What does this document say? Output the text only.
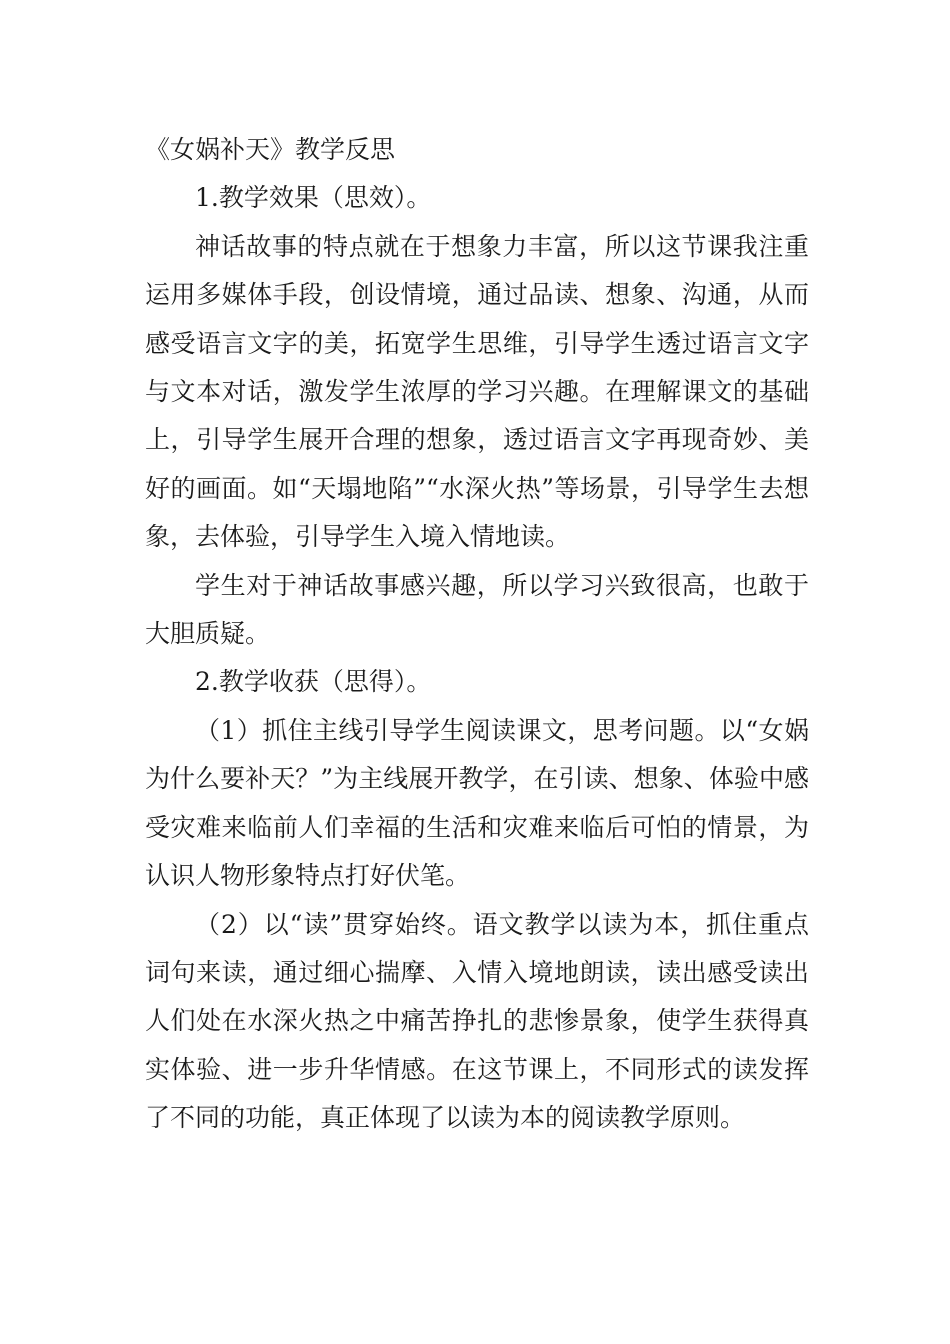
《女娲补天》教学反思

1.教学效果（思效）。

神话故事的特点就在于想象力丰富，所以这节课我注重运用多媒体手段，创设情境，通过品读、想象、沟通，从而感受语言文字的美，拓宽学生思维，引导学生透过语言文字与文本对话，激发学生浓厚的学习兴趣。在理解课文的基础上，引导学生展开合理的想象，透过语言文字再现奇妙、美好的画面。如“天塌地陷”“水深火热”等场景，引导学生去想象，去体验，引导学生入境入情地读。

学生对于神话故事感兴趣，所以学习兴致很高，也敢于大胆质疑。

2.教学收获（思得）。

（1）抓住主线引导学生阅读课文，思考问题。以“女娲为什么要补天？”为主线展开教学，在引读、想象、体验中感受灾难来临前人们幸福的生活和灾难来临后可怕的情景，为认识人物形象特点打好伏笔。

（2）以“读”贯穿始终。语文教学以读为本，抓住重点词句来读，通过细心揣摩、入情入境地朗读，读出感受读出人们处在水深火热之中痛苦挣扎的悲惨景象，使学生获得真实体验、进一步升华情感。在这节课上，不同形式的读发挥了不同的功能，真正体现了以读为本的阅读教学原则。
